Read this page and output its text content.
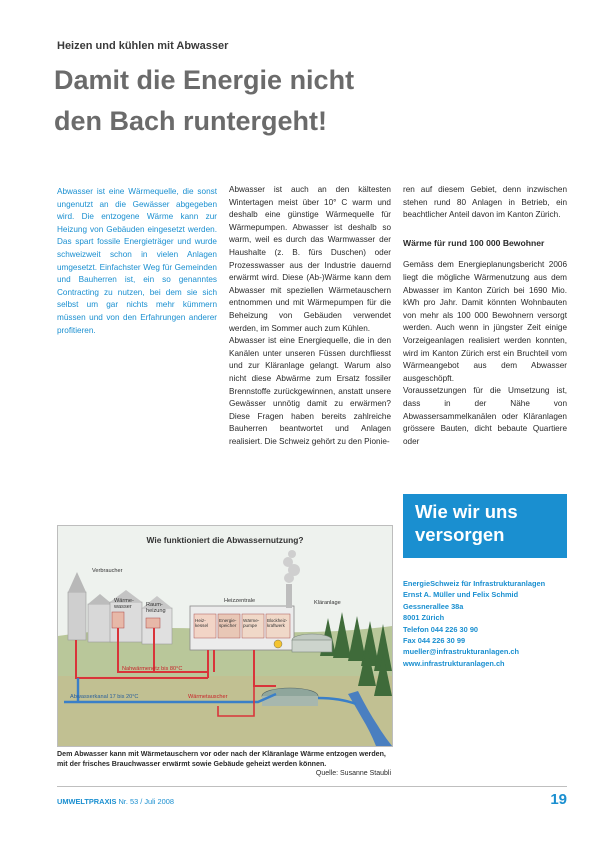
Heizen und kühlen mit Abwasser
Damit die Energie nicht
den Bach runtergeht!
Abwasser ist eine Wärmequelle, die sonst ungenutzt an die Gewässer abgegeben wird. Die entzogene Wärme kann zur Heizung von Gebäuden eingesetzt werden. Das spart fossile Energieträger und wurde schweizweit schon in vielen Anlagen umgesetzt. Einfachster Weg für Gemeinden und Bauherren ist, ein so genanntes Contracting zu nutzen, bei dem sie sich selbst um gar nichts mehr kümmern müssen und von den Erfahrungen anderer profitieren.

Abwasser ist auch an den kältesten Wintertagen meist über 10° C warm und deshalb eine günstige Wärmequelle für Wärmepumpen. Abwasser ist deshalb so warm, weil es durch das Warmwasser der Haushalte (z. B. fürs Duschen) oder Prozesswasser aus der Industrie dauernd erwärmt wird. Diese (Ab-)Wärme kann dem Abwasser mit speziellen Wärmetauschern entnommen und mit Wärmepumpen für die Beheizung von Gebäuden verwendet werden, im Sommer auch zum Kühlen.

Abwasser ist eine Energiequelle, die in den Kanälen unter unseren Füssen durchfliesst und zur Kläranlage gelangt. Warum also nicht diese Abwärme zum Ersatz fossiler Brennstoffe zurückgewinnen, anstatt unsere Gewässer unnötig damit zu erwärmen? Diese Fragen haben bereits zahlreiche Bauherren beantwortet und Anlagen realisiert. Die Schweiz gehört zu den Pionie-

ren auf diesem Gebiet, denn inzwischen stehen rund 80 Anlagen in Betrieb, ein beachtlicher Anteil davon im Kanton Zürich.

Wärme für rund 100 000 Bewohner

Gemäss dem Energieplanungsbericht 2006 liegt die mögliche Wärmenutzung aus dem Abwasser im Kanton Zürich bei 1690 Mio. kWh pro Jahr. Damit könnten Wohnbauten von mehr als 100 000 Bewohnern versorgt werden. Auch wenn in jüngster Zeit einige Vorzeigeanlagen realisiert werden konnten, wird im Kanton Zürich erst ein Bruchteil vom Wärmeangebot aus dem Abwasser ausgeschöpft.

Voraussetzungen für die Umsetzung ist, dass in der Nähe von Abwassersammelkanälen oder Kläranlagen grössere Bauten, dicht bebaute Quartiere oder

Verbraucher
Wärme-
wasser	Raum-
heizung
Heizzentrale	Kläranlage
Heiz-
kessel
Energie-
speicher
Wärme-
pumpe
Blockheiz-
kraftwerk
Nahwärmenetz bis 80°C
Abwasserkanal 17 bis 20°C	Wärmetauscher
Wie funktioniert die Abwassernutzung?
Dem Abwasser kann mit Wärmetauschern vor oder nach der Kläranlage Wärme entzogen werden, mit der frisches Brauchwasser erwärmt sowie Gebäude geheizt werden können.
Quelle: Susanne Staubli
Wie wir uns versorgen
EnergieSchweiz für Infrastrukturanlagen
Ernst A. Müller und Felix Schmid
Gessnerallee 38a
8001 Zürich
Telefon 044 226 30 90
Fax 044 226 30 99
mueller@infrastrukturanlagen.ch
www.infrastrukturanlagen.ch
UMWELTPRAXIS Nr. 53 / Juli 2008	19
